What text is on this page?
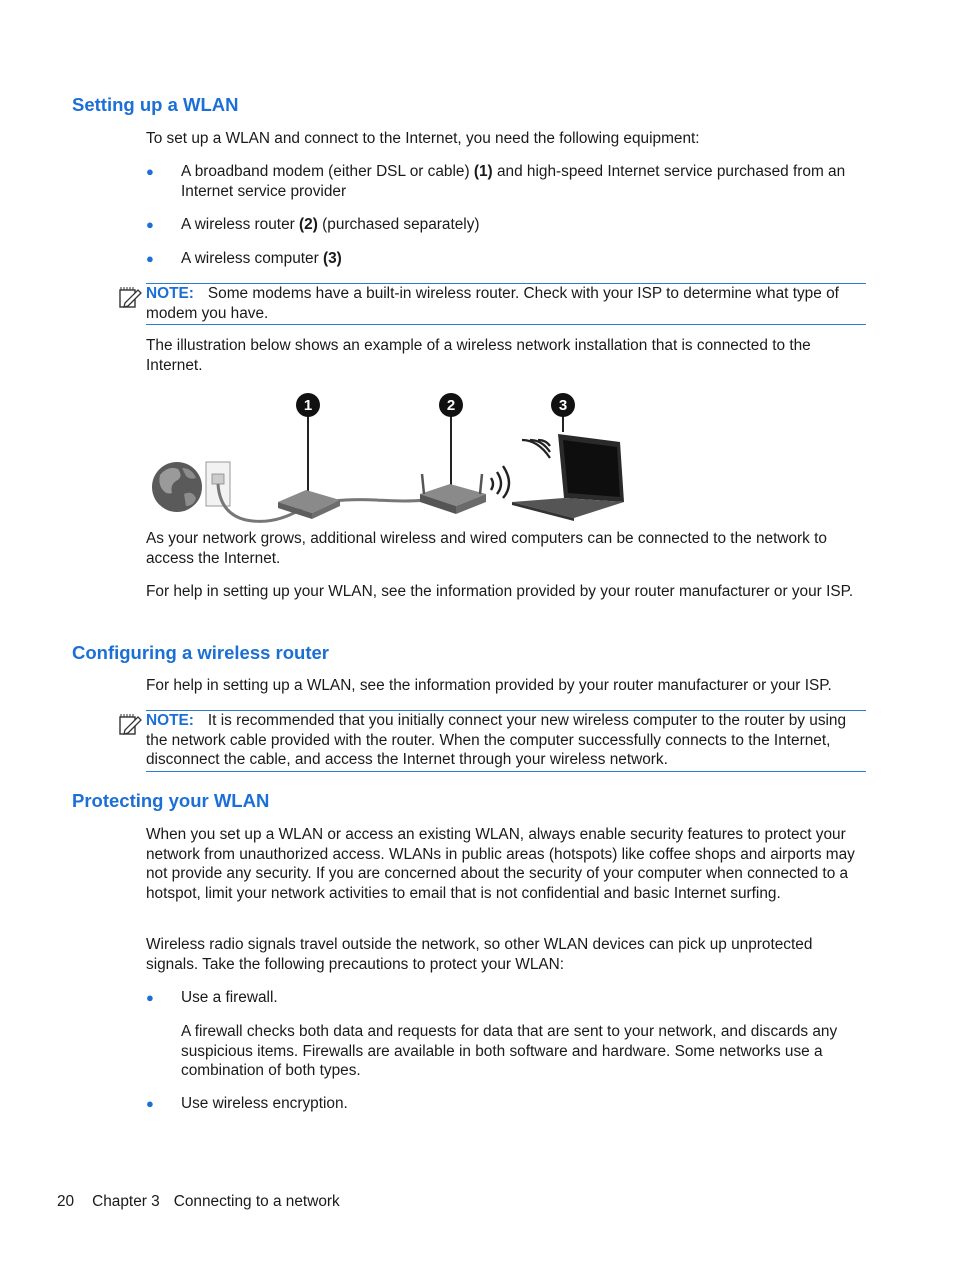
Setting up a WLAN

To set up a WLAN and connect to the Internet, you need the following equipment:

● A broadband modem (either DSL or cable) (1) and high-speed Internet service purchased from an Internet service provider

● A wireless router (2) (purchased separately)

● A wireless computer (3)

NOTE: Some modems have a built-in wireless router. Check with your ISP to determine what type of modem you have.

The illustration below shows an example of a wireless network installation that is connected to the Internet.

1	2	3

As your network grows, additional wireless and wired computers can be connected to the network to access the Internet.

For help in setting up your WLAN, see the information provided by your router manufacturer or your ISP.

Configuring a wireless router

For help in setting up a WLAN, see the information provided by your router manufacturer or your ISP.

NOTE: It is recommended that you initially connect your new wireless computer to the router by using the network cable provided with the router. When the computer successfully connects to the Internet, disconnect the cable, and access the Internet through your wireless network.
Protecting your WLAN

When you set up a WLAN or access an existing WLAN, always enable security features to protect your network from unauthorized access. WLANs in public areas (hotspots) like coffee shops and airports may not provide any security. If you are concerned about the security of your computer when connected to a hotspot, limit your network activities to email that is not confidential and basic Internet surfing.

Wireless radio signals travel outside the network, so other WLAN devices can pick up unprotected signals. Take the following precautions to protect your WLAN:

● Use a firewall.

A firewall checks both data and requests for data that are sent to your network, and discards any suspicious items. Firewalls are available in both software and hardware. Some networks use a combination of both types.

● Use wireless encryption.

20 Chapter 3 Connecting to a network
